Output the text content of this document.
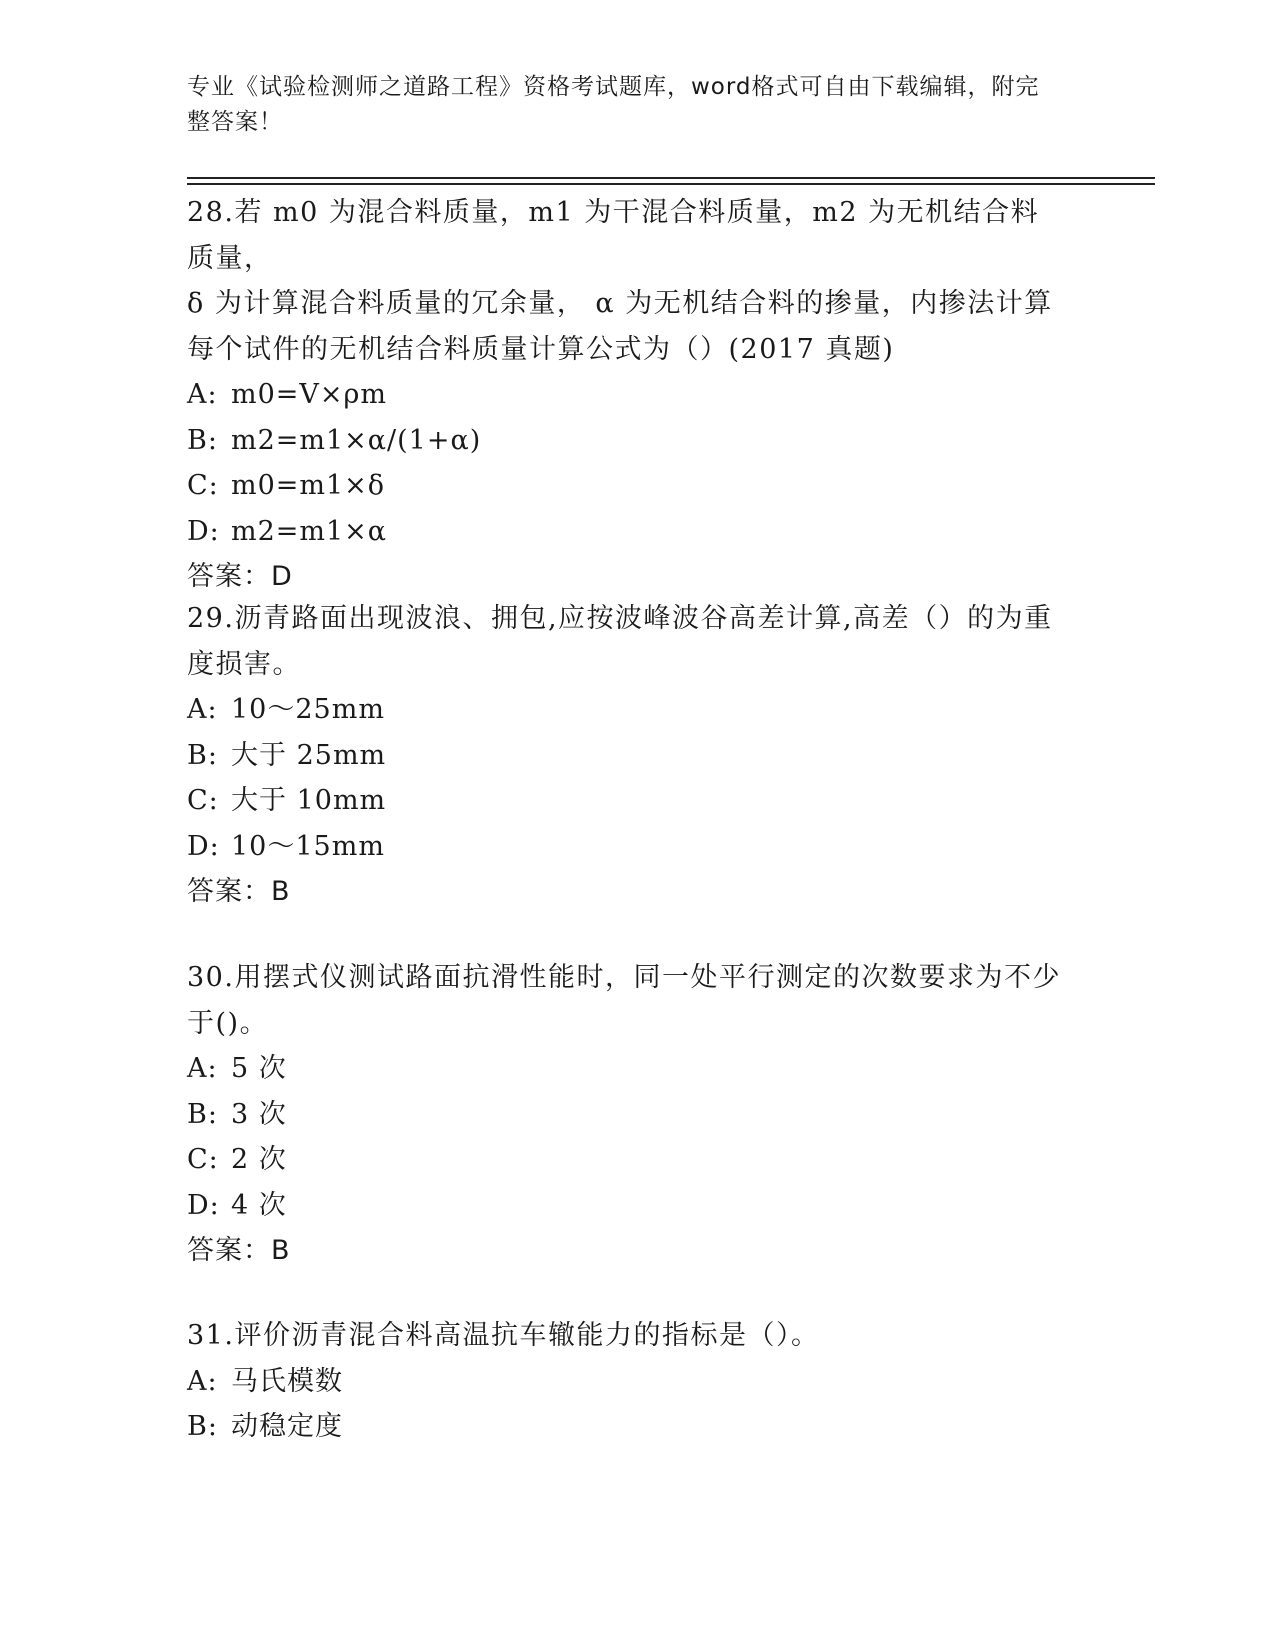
专业《试验检测师之道路工程》资格考试题库，word格式可自由下载编辑，附完
整答案！

28.若 m0 为混合料质量，m1 为干混合料质量，m2 为无机结合料质量，

δ 为计算混合料质量的冗余量， α 为无机结合料的掺量，内掺法计算

每个试件的无机结合料质量计算公式为（）(2017 真题)

A: m0=V×ρm

B: m2=m1×α/(1+α)

C: m0=m1×δ

D: m2=m1×α

答案：D

29.沥青路面出现波浪、拥包,应按波峰波谷高差计算,高差（）的为重

度损害。

A: 10～25mm

B: 大于 25mm

C: 大于 10mm

D: 10～15mm

答案：B

30.用摆式仪测试路面抗滑性能时，同一处平行测定的次数要求为不少

于()。

A: 5 次

B: 3 次

C: 2 次

D: 4 次

答案：B

31.评价沥青混合料高温抗车辙能力的指标是（）。

A: 马氏模数

B: 动稳定度
